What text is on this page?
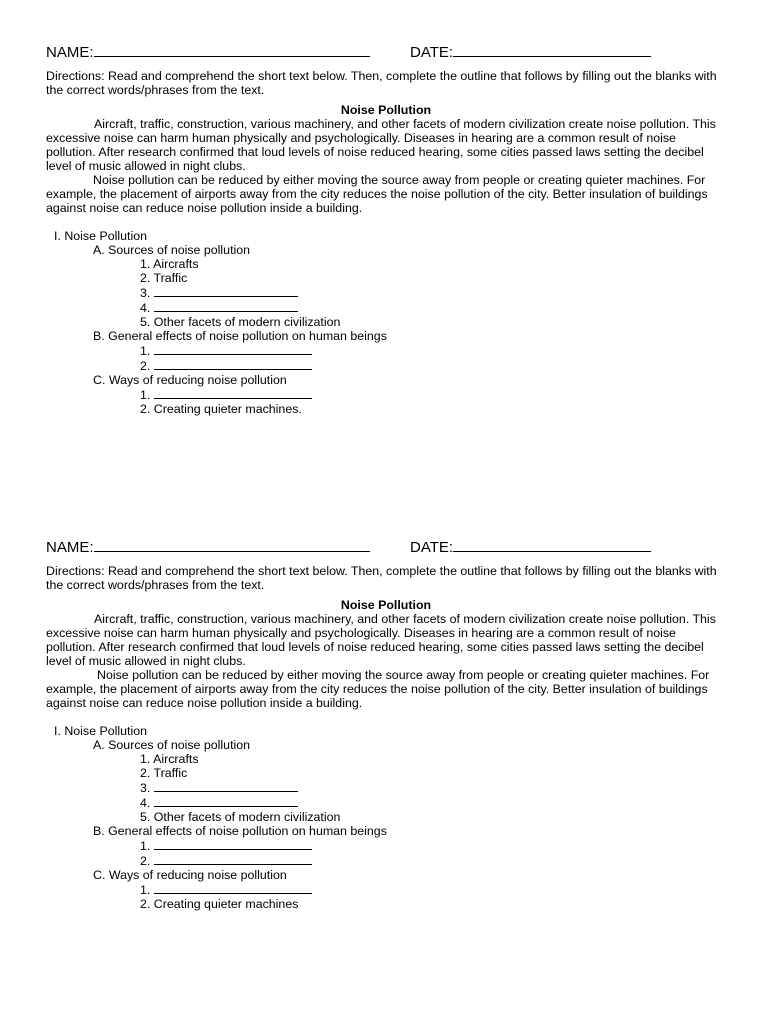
NAME:	DATE:
Directions: Read and comprehend the short text below. Then, complete the outline that follows by filling out the blanks with the correct words/phrases from the text.
Noise Pollution

Aircraft, traffic, construction, various machinery, and other facets of modern civilization create noise pollution. This excessive noise can harm human physically and psychologically. Diseases in hearing are a common result of noise pollution. After research confirmed that loud levels of noise reduced hearing, some cities passed laws setting the decibel level of music allowed in night clubs.

Noise pollution can be reduced by either moving the source away from people or creating quieter machines. For example, the placement of airports away from the city reduces the noise pollution of the city. Better insulation of buildings against noise can reduce noise pollution inside a building.

I. Noise Pollution
A. Sources of noise pollution
1. Aircrafts
2. Traffic
3.
4.
5. Other facets of modern civilization
B. General effects of noise pollution on human beings
1.
2.
C. Ways of reducing noise pollution
1.
2. Creating quieter machines.
NAME:	DATE:
Directions: Read and comprehend the short text below. Then, complete the outline that follows by filling out the blanks with the correct words/phrases from the text.
Noise Pollution

Aircraft, traffic, construction, various machinery, and other facets of modern civilization create noise pollution. This excessive noise can harm human physically and psychologically. Diseases in hearing are a common result of noise pollution. After research confirmed that loud levels of noise reduced hearing, some cities passed laws setting the decibel level of music allowed in night clubs.

Noise pollution can be reduced by either moving the source away from people or creating quieter machines. For example, the placement of airports away from the city reduces the noise pollution of the city. Better insulation of buildings against noise can reduce noise pollution inside a building.

I. Noise Pollution
A. Sources of noise pollution
1. Aircrafts
2. Traffic
3.
4.
5. Other facets of modern civilization
B. General effects of noise pollution on human beings
1.
2.
C. Ways of reducing noise pollution
1.
2. Creating quieter machines
